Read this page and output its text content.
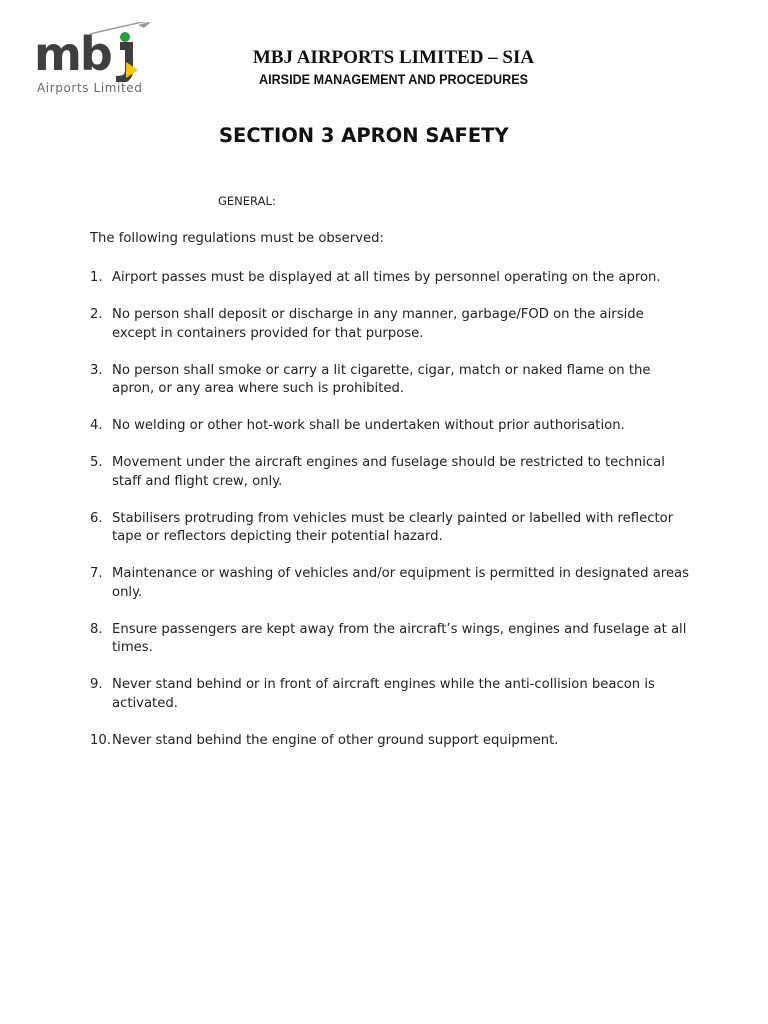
mb
Airports Limited
MBJ AIRPORTS LIMITED – SIA
AIRSIDE MANAGEMENT AND PROCEDURES
SECTION 3 APRON SAFETY
GENERAL:
The following regulations must be observed:
1. Airport passes must be displayed at all times by personnel operating on the apron.
2. No person shall deposit or discharge in any manner, garbage/FOD on the airside except in containers provided for that purpose.
3. No person shall smoke or carry a lit cigarette, cigar, match or naked flame on the apron, or any area where such is prohibited.
4. No welding or other hot-work shall be undertaken without prior authorisation.
5. Movement under the aircraft engines and fuselage should be restricted to technical staff and flight crew, only.
6. Stabilisers protruding from vehicles must be clearly painted or labelled with reflector tape or reflectors depicting their potential hazard.
7. Maintenance or washing of vehicles and/or equipment is permitted in designated areas only.
8. Ensure passengers are kept away from the aircraft’s wings, engines and fuselage at all times.
9. Never stand behind or in front of aircraft engines while the anti-collision beacon is activated.
10. Never stand behind the engine of other ground support equipment.
